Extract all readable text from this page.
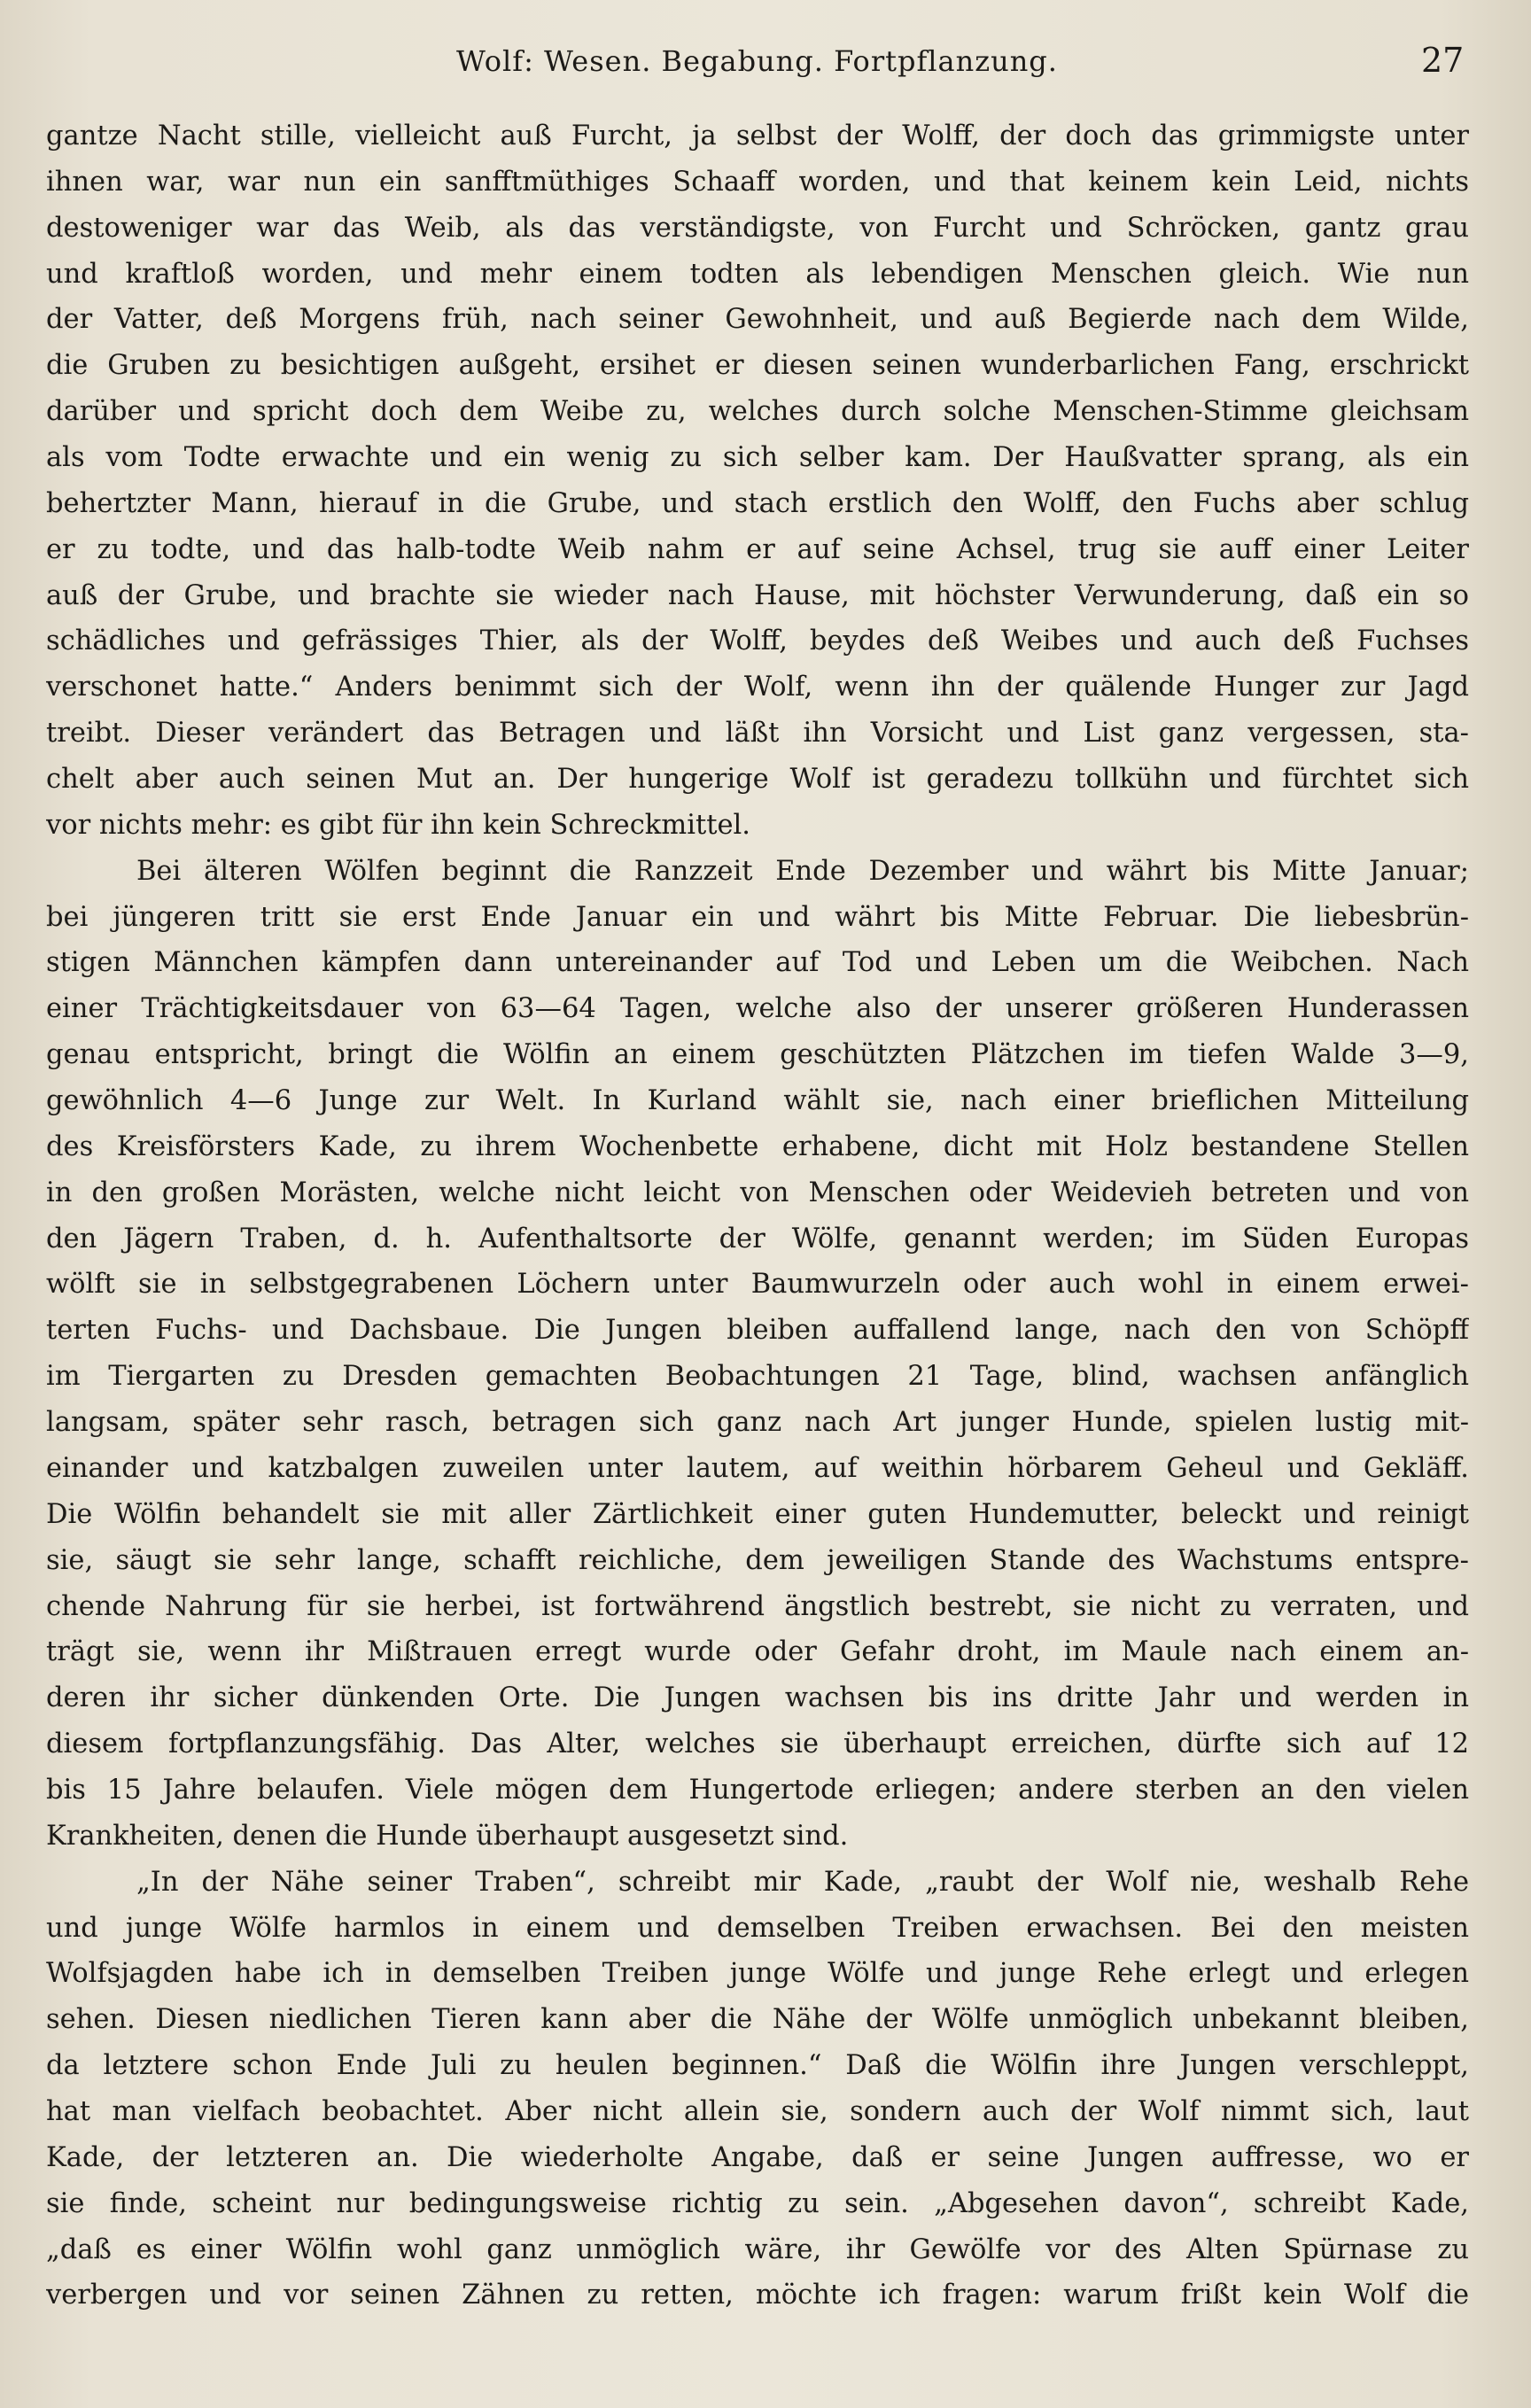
Wolf: Wesen. Begabung. Fortpflanzung.	27
gantze Nacht stille, vielleicht auß Furcht, ja selbst der Wolff, der doch das grimmigste unter
ihnen war, war nun ein sanfftmüthiges Schaaff worden, und that keinem kein Leid, nichts
destoweniger war das Weib, als das verständigste, von Furcht und Schröcken, gantz grau
und kraftloß worden, und mehr einem todten als lebendigen Menschen gleich. Wie nun
der Vatter, deß Morgens früh, nach seiner Gewohnheit, und auß Begierde nach dem Wilde,
die Gruben zu besichtigen außgeht, ersihet er diesen seinen wunderbarlichen Fang, erschrickt
darüber und spricht doch dem Weibe zu, welches durch solche Menschen-Stimme gleichsam
als vom Todte erwachte und ein wenig zu sich selber kam. Der Haußvatter sprang, als ein
behertzter Mann, hierauf in die Grube, und stach erstlich den Wolff, den Fuchs aber schlug
er zu todte, und das halb-todte Weib nahm er auf seine Achsel, trug sie auff einer Leiter
auß der Grube, und brachte sie wieder nach Hause, mit höchster Verwunderung, daß ein so
schädliches und gefrässiges Thier, als der Wolff, beydes deß Weibes und auch deß Fuchses
verschonet hatte.“ Anders benimmt sich der Wolf, wenn ihn der quälende Hunger zur Jagd
treibt. Dieser verändert das Betragen und läßt ihn Vorsicht und List ganz vergessen, sta-
chelt aber auch seinen Mut an. Der hungerige Wolf ist geradezu tollkühn und fürchtet sich
vor nichts mehr: es gibt für ihn kein Schreckmittel.
Bei älteren Wölfen beginnt die Ranzzeit Ende Dezember und währt bis Mitte Januar;
bei jüngeren tritt sie erst Ende Januar ein und währt bis Mitte Februar. Die liebesbrün-
stigen Männchen kämpfen dann untereinander auf Tod und Leben um die Weibchen. Nach
einer Trächtigkeitsdauer von 63—64 Tagen, welche also der unserer größeren Hunderassen
genau entspricht, bringt die Wölfin an einem geschützten Plätzchen im tiefen Walde 3—9,
gewöhnlich 4—6 Junge zur Welt. In Kurland wählt sie, nach einer brieflichen Mitteilung
des Kreisförsters Kade, zu ihrem Wochenbette erhabene, dicht mit Holz bestandene Stellen
in den großen Morästen, welche nicht leicht von Menschen oder Weidevieh betreten und von
den Jägern Traben, d. h. Aufenthaltsorte der Wölfe, genannt werden; im Süden Europas
wölft sie in selbstgegrabenen Löchern unter Baumwurzeln oder auch wohl in einem erwei-
terten Fuchs- und Dachsbaue. Die Jungen bleiben auffallend lange, nach den von Schöpff
im Tiergarten zu Dresden gemachten Beobachtungen 21 Tage, blind, wachsen anfänglich
langsam, später sehr rasch, betragen sich ganz nach Art junger Hunde, spielen lustig mit-
einander und katzbalgen zuweilen unter lautem, auf weithin hörbarem Geheul und Gekläff.
Die Wölfin behandelt sie mit aller Zärtlichkeit einer guten Hundemutter, beleckt und reinigt
sie, säugt sie sehr lange, schafft reichliche, dem jeweiligen Stande des Wachstums entspre-
chende Nahrung für sie herbei, ist fortwährend ängstlich bestrebt, sie nicht zu verraten, und
trägt sie, wenn ihr Mißtrauen erregt wurde oder Gefahr droht, im Maule nach einem an-
deren ihr sicher dünkenden Orte. Die Jungen wachsen bis ins dritte Jahr und werden in
diesem fortpflanzungsfähig. Das Alter, welches sie überhaupt erreichen, dürfte sich auf 12
bis 15 Jahre belaufen. Viele mögen dem Hungertode erliegen; andere sterben an den vielen
Krankheiten, denen die Hunde überhaupt ausgesetzt sind.
„In der Nähe seiner Traben“, schreibt mir Kade, „raubt der Wolf nie, weshalb Rehe
und junge Wölfe harmlos in einem und demselben Treiben erwachsen. Bei den meisten
Wolfsjagden habe ich in demselben Treiben junge Wölfe und junge Rehe erlegt und erlegen
sehen. Diesen niedlichen Tieren kann aber die Nähe der Wölfe unmöglich unbekannt bleiben,
da letztere schon Ende Juli zu heulen beginnen.“ Daß die Wölfin ihre Jungen verschleppt,
hat man vielfach beobachtet. Aber nicht allein sie, sondern auch der Wolf nimmt sich, laut
Kade, der letzteren an. Die wiederholte Angabe, daß er seine Jungen auffresse, wo er
sie finde, scheint nur bedingungsweise richtig zu sein. „Abgesehen davon“, schreibt Kade,
„daß es einer Wölfin wohl ganz unmöglich wäre, ihr Gewölfe vor des Alten Spürnase zu
verbergen und vor seinen Zähnen zu retten, möchte ich fragen: warum frißt kein Wolf die
